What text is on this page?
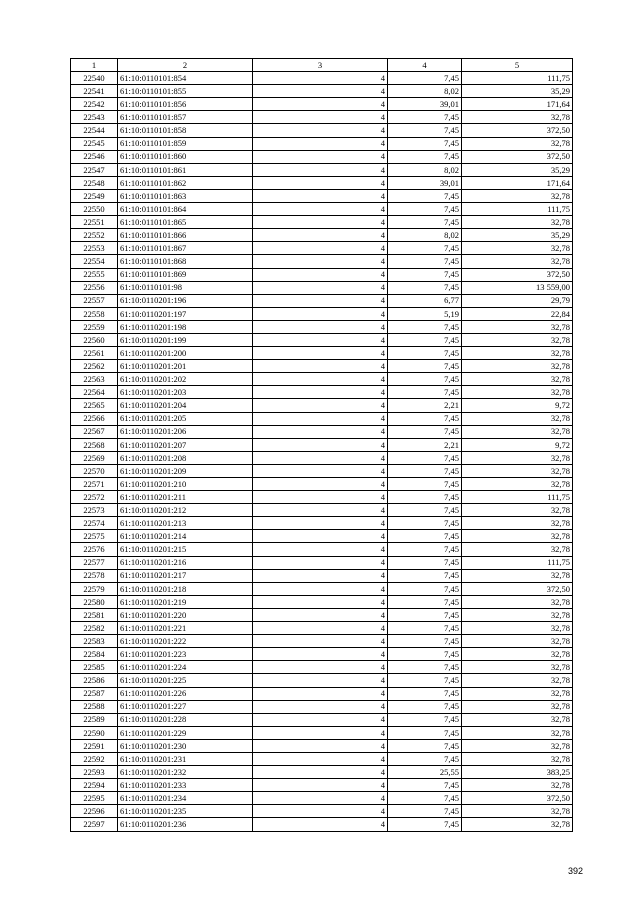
1	2	3	4	5
22540	61:10:0110101:854	4	7,45	111,75
22541	61:10:0110101:855	4	8,02	35,29
22542	61:10:0110101:856	4	39,01	171,64
22543	61:10:0110101:857	4	7,45	32,78
22544	61:10:0110101:858	4	7,45	372,50
22545	61:10:0110101:859	4	7,45	32,78
22546	61:10:0110101:860	4	7,45	372,50
22547	61:10:0110101:861	4	8,02	35,29
22548	61:10:0110101:862	4	39,01	171,64
22549	61:10:0110101:863	4	7,45	32,78
22550	61:10:0110101:864	4	7,45	111,75
22551	61:10:0110101:865	4	7,45	32,78
22552	61:10:0110101:866	4	8,02	35,29
22553	61:10:0110101:867	4	7,45	32,78
22554	61:10:0110101:868	4	7,45	32,78
22555	61:10:0110101:869	4	7,45	372,50
22556	61:10:0110101:98	4	7,45	13 559,00
22557	61:10:0110201:196	4	6,77	29,79
22558	61:10:0110201:197	4	5,19	22,84
22559	61:10:0110201:198	4	7,45	32,78
22560	61:10:0110201:199	4	7,45	32,78
22561	61:10:0110201:200	4	7,45	32,78
22562	61:10:0110201:201	4	7,45	32,78
22563	61:10:0110201:202	4	7,45	32,78
22564	61:10:0110201:203	4	7,45	32,78
22565	61:10:0110201:204	4	2,21	9,72
22566	61:10:0110201:205	4	7,45	32,78
22567	61:10:0110201:206	4	7,45	32,78
22568	61:10:0110201:207	4	2,21	9,72
22569	61:10:0110201:208	4	7,45	32,78
22570	61:10:0110201:209	4	7,45	32,78
22571	61:10:0110201:210	4	7,45	32,78
22572	61:10:0110201:211	4	7,45	111,75
22573	61:10:0110201:212	4	7,45	32,78
22574	61:10:0110201:213	4	7,45	32,78
22575	61:10:0110201:214	4	7,45	32,78
22576	61:10:0110201:215	4	7,45	32,78
22577	61:10:0110201:216	4	7,45	111,75
22578	61:10:0110201:217	4	7,45	32,78
22579	61:10:0110201:218	4	7,45	372,50
22580	61:10:0110201:219	4	7,45	32,78
22581	61:10:0110201:220	4	7,45	32,78
22582	61:10:0110201:221	4	7,45	32,78
22583	61:10:0110201:222	4	7,45	32,78
22584	61:10:0110201:223	4	7,45	32,78
22585	61:10:0110201:224	4	7,45	32,78
22586	61:10:0110201:225	4	7,45	32,78
22587	61:10:0110201:226	4	7,45	32,78
22588	61:10:0110201:227	4	7,45	32,78
22589	61:10:0110201:228	4	7,45	32,78
22590	61:10:0110201:229	4	7,45	32,78
22591	61:10:0110201:230	4	7,45	32,78
22592	61:10:0110201:231	4	7,45	32,78
22593	61:10:0110201:232	4	25,55	383,25
22594	61:10:0110201:233	4	7,45	32,78
22595	61:10:0110201:234	4	7,45	372,50
22596	61:10:0110201:235	4	7,45	32,78
22597	61:10:0110201:236	4	7,45	32,78
392
